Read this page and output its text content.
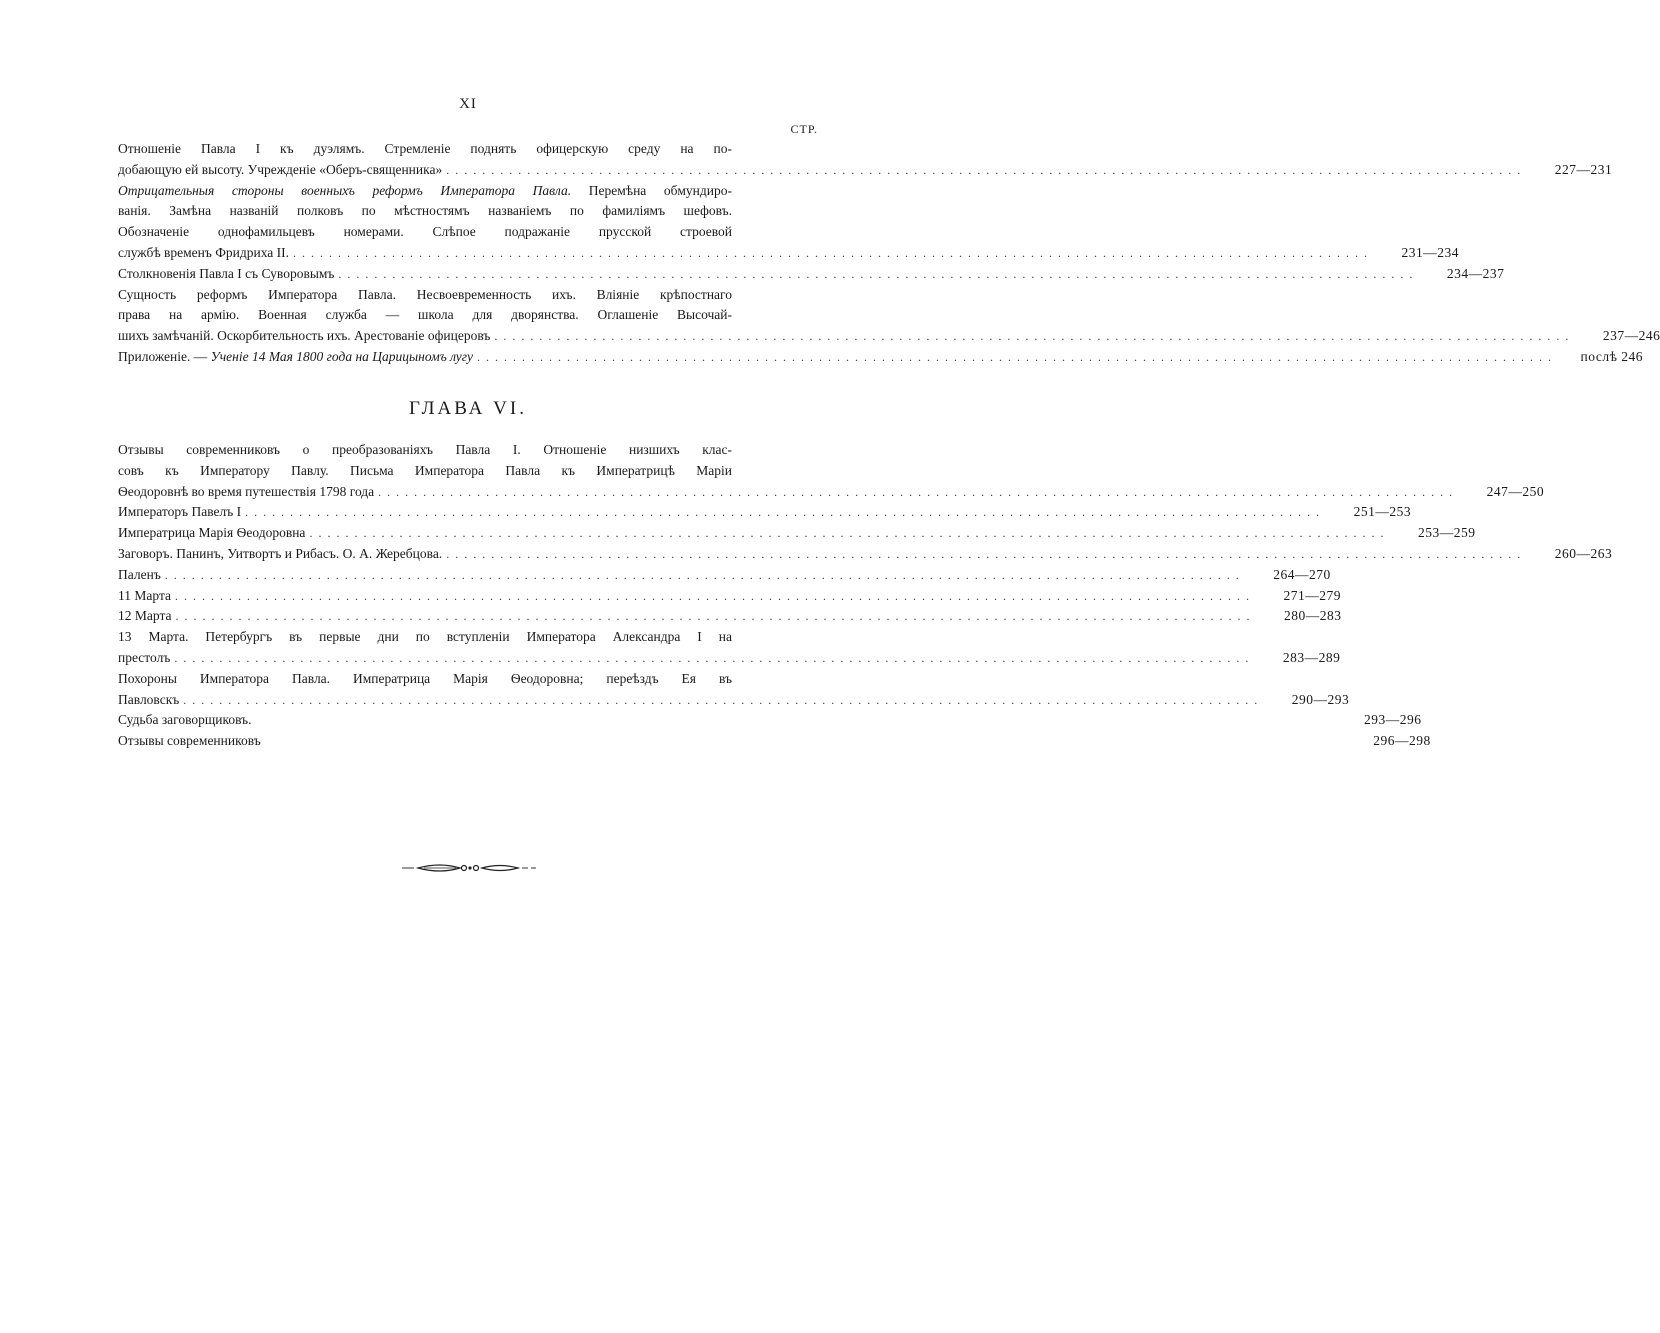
XI
СТР.
Отношеніе Павла I къ дуэлямъ. Стремленіе поднять офицерскую среду на по-
добающую ей высоту. Учрежденіе «Оберъ-священника» ........................................................................................................................	227—231
Отрицательныя стороны военныхъ реформъ Императора Павла. Перемѣна обмундиро-
ванія. Замѣна названій полковъ по мѣстностямъ названіемъ по фамиліямъ шефовъ.
Обозначеніе однофамильцевъ номерами. Слѣпое подражаніе прусской строевой
службѣ временъ Фридриха II. ........................................................................................................................	231—234
Столкновенія Павла I съ Суворовымъ ........................................................................................................................	234—237
Сущность реформъ Императора Павла. Несвоевременность ихъ. Вліяніе крѣпостнаго
права на армію. Военная служба — школа для дворянства. Оглашеніе Высочай-
шихъ замѣчаній. Оскорбительность ихъ. Арестованіе офицеровъ ........................................................................................................................	237—246
Приложеніе. — Ученіе 14 Мая 1800 года на Царицыномъ лугу ........................................................................................................................	послѣ 246
ГЛАВА VI.
Отзывы современниковъ о преобразованіяхъ Павла I. Отношеніе низшихъ клас-
совъ къ Императору Павлу. Письма Императора Павла къ Императрицѣ Маріи
Ѳеодоровнѣ во время путешествія 1798 года ........................................................................................................................	247—250
Императоръ Павелъ I ........................................................................................................................	251—253
Императрица Марія Ѳеодоровна ........................................................................................................................	253—259
Заговоръ. Панинъ, Уитвортъ и Рибасъ. О. А. Жеребцова. ........................................................................................................................	260—263
Паленъ ........................................................................................................................	264—270
11 Марта ........................................................................................................................	271—279
12 Марта ........................................................................................................................	280—283
13 Марта. Петербургъ въ первые дни по вступленіи Императора Александра I на
престолъ ........................................................................................................................	283—289
Похороны Императора Павла. Императрица Марія Ѳеодоровна; переѣздъ Ея въ
Павловскъ ........................................................................................................................	290—293
Судьба заговорщиковъ.	293—296
Отзывы современниковъ	296—298
